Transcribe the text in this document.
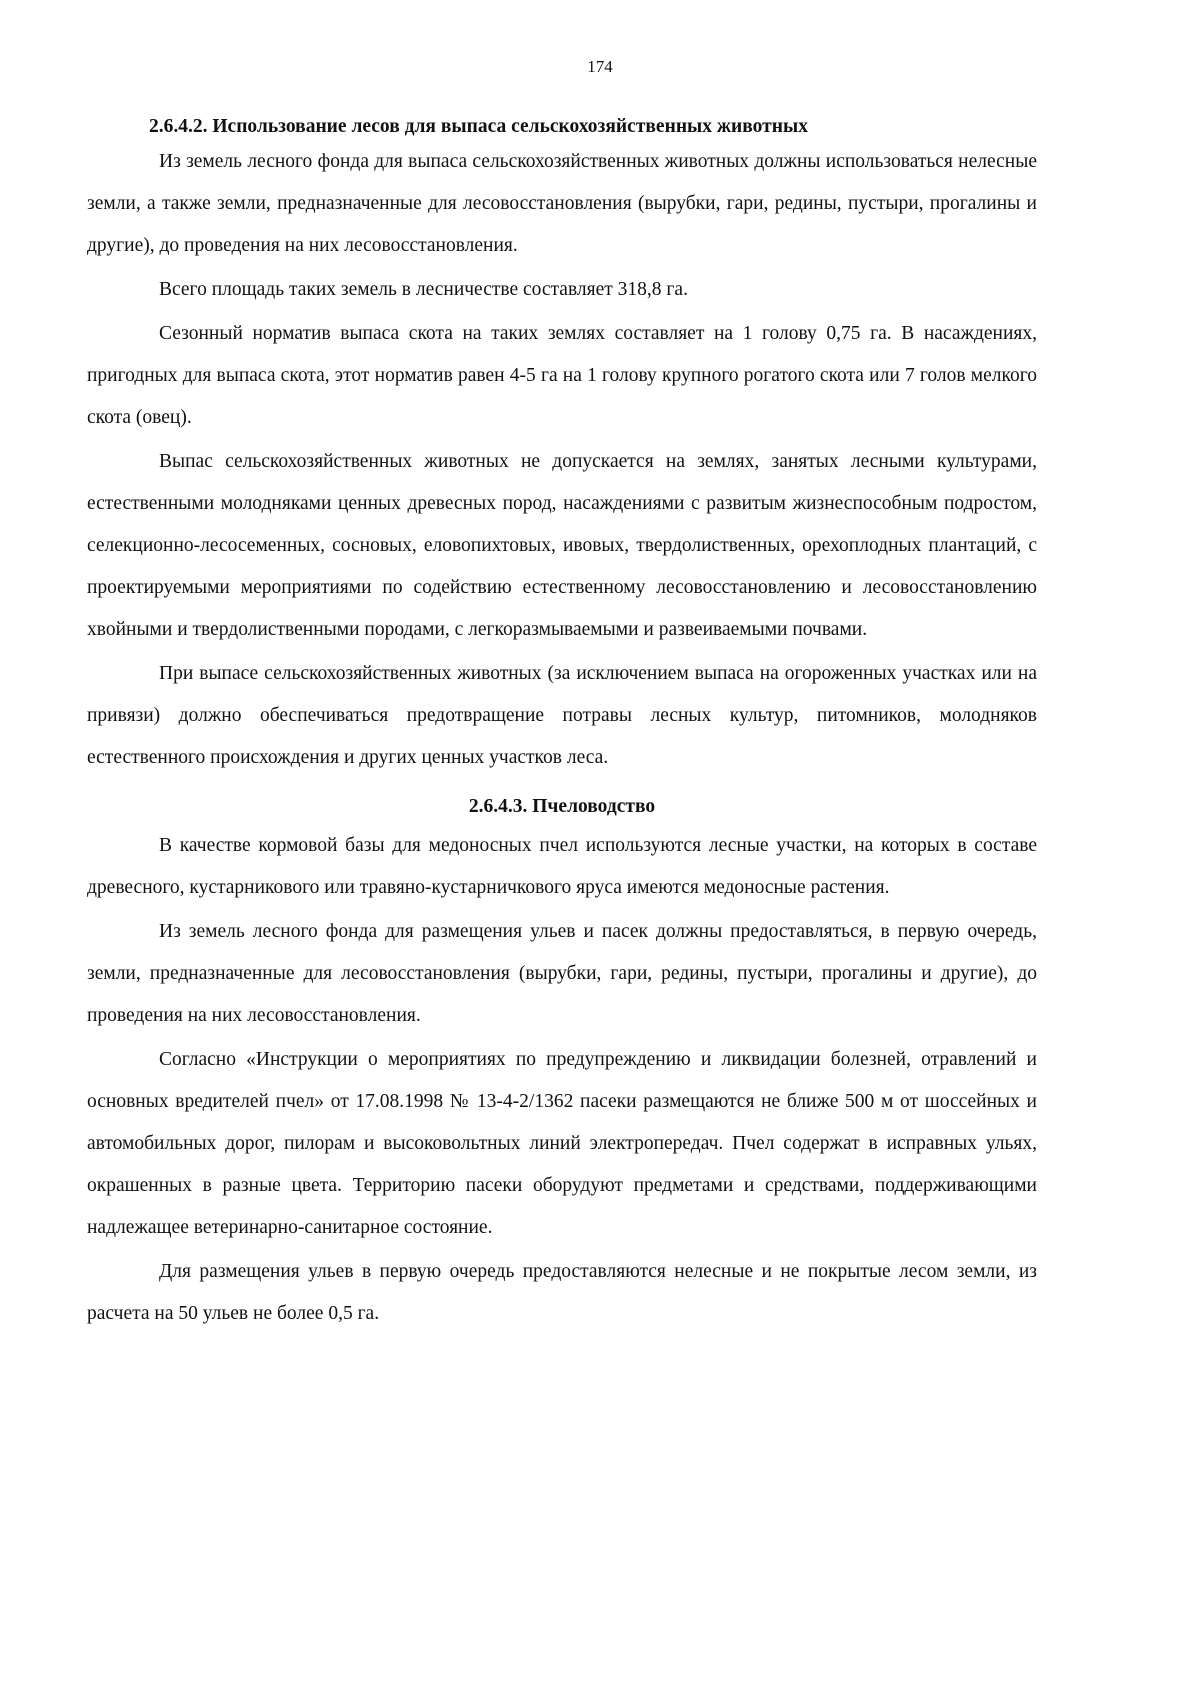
174

2.6.4.2. Использование лесов для выпаса сельскохозяйственных животных

Из земель лесного фонда для выпаса сельскохозяйственных животных должны использоваться нелесные земли, а также земли, предназначенные для лесовосстановления (вырубки, гари, редины, пустыри, прогалины и другие), до проведения на них лесовосстановления.

Всего площадь таких земель в лесничестве составляет 318,8 га.

Сезонный норматив выпаса скота на таких землях составляет на 1 голову 0,75 га. В насаждениях, пригодных для выпаса скота, этот норматив равен 4-5 га на 1 голову крупного рогатого скота или 7 голов мелкого скота (овец).

Выпас сельскохозяйственных животных не допускается на землях, занятых лесными культурами, естественными молодняками ценных древесных пород, насаждениями с развитым жизнеспособным подростом, селекционно-лесосеменных, сосновых, еловопихтовых, ивовых, твердолиственных, орехоплодных плантаций, с проектируемыми мероприятиями по содействию естественному лесовосстановлению и лесовосстановлению хвойными и твердолиственными породами, с легкоразмываемыми и развеиваемыми почвами.

При выпасе сельскохозяйственных животных (за исключением выпаса на огороженных участках или на привязи) должно обеспечиваться предотвращение потравы лесных культур, питомников, молодняков естественного происхождения и других ценных участков леса.

2.6.4.3. Пчеловодство

В качестве кормовой базы для медоносных пчел используются лесные участки, на которых в составе древесного, кустарникового или травяно-кустарничкового яруса имеются медоносные растения.

Из земель лесного фонда для размещения ульев и пасек должны предоставляться, в первую очередь, земли, предназначенные для лесовосстановления (вырубки, гари, редины, пустыри, прогалины и другие), до проведения на них лесовосстановления.

Согласно «Инструкции о мероприятиях по предупреждению и ликвидации болезней, отравлений и основных вредителей пчел» от 17.08.1998 № 13-4-2/1362 пасеки размещаются не ближе 500 м от шоссейных и автомобильных дорог, пилорам и высоковольтных линий электропередач. Пчел содержат в исправных ульях, окрашенных в разные цвета. Территорию пасеки оборудуют предметами и средствами, поддерживающими надлежащее ветеринарно-санитарное состояние.

Для размещения ульев в первую очередь предоставляются нелесные и не покрытые лесом земли, из расчета на 50 ульев не более 0,5 га.
